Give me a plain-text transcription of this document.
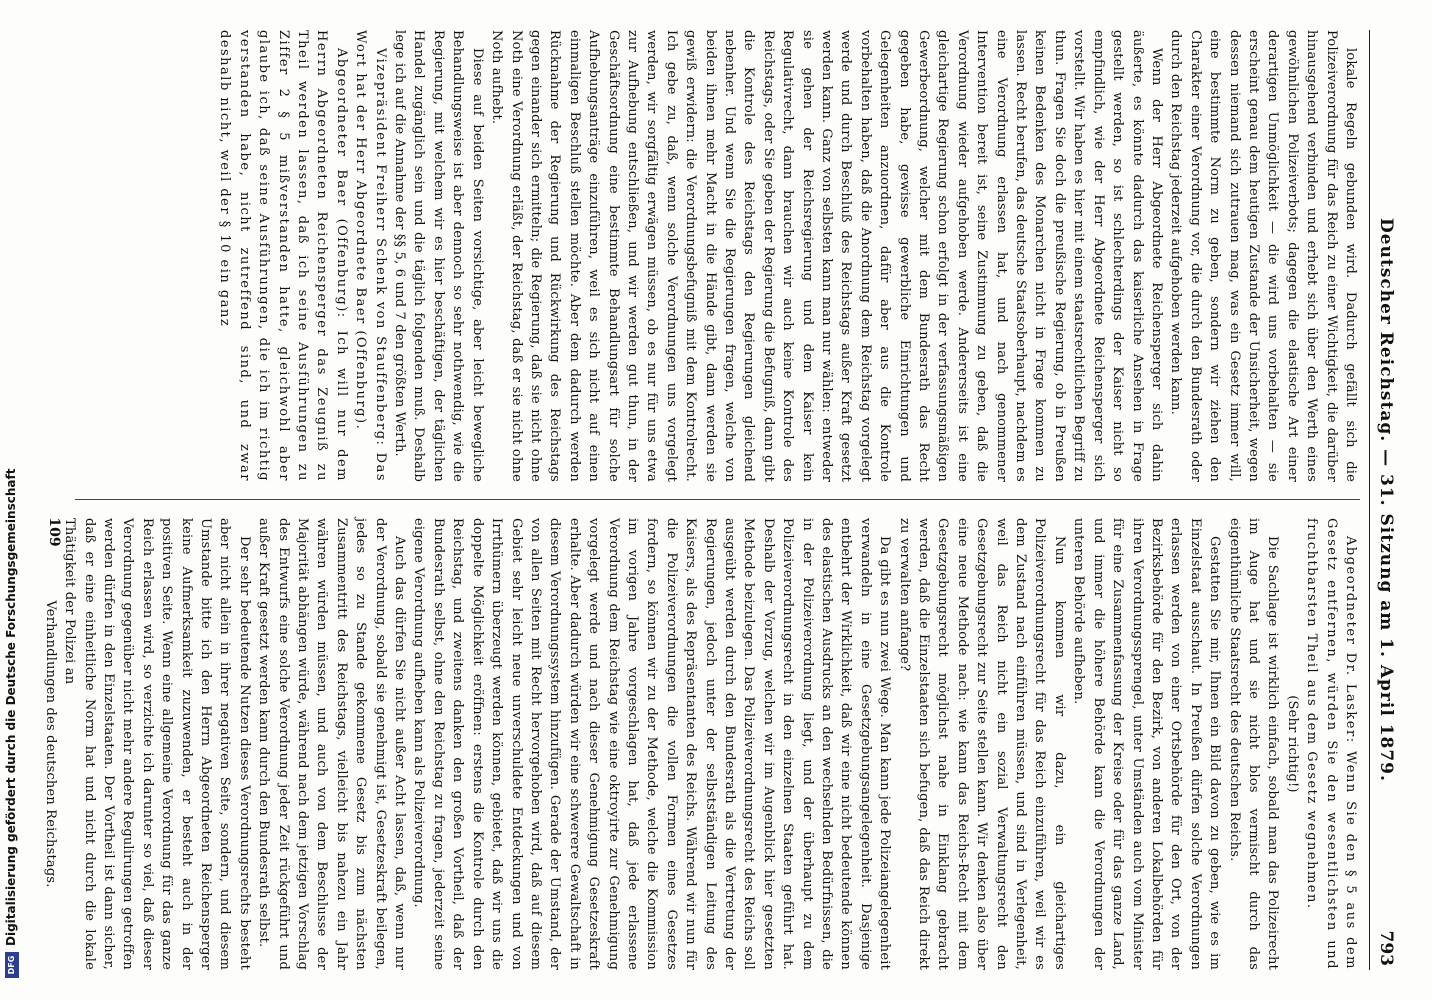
DFGDigitalisierung gefördert durch die Deutsche Forschungsgemeinschaft	Deutscher Reichstag. — 31. Sitzung am 1. April 1879.
793

lokale Regeln gebunden wird. Dadurch gefällt sich die Polizeiverordnung für das Reich zu einer Wichtigkeit, die darüber hinausgehend verbinden und erhebt sich über den Werth eines gewöhnlichen Polizeiverbots; dagegen die elastische Art einer derartigen Unmöglichkeit — die wird uns vorbehalten — sie erscheint genau dem heutigen Zustande der Unsicherheit, wegen dessen niemand sich zutrauen mag, was ein Gesetz immer will, eine bestimmte Norm zu geben, sondern wir ziehen den Charakter einer Verordnung vor, die durch den Bundesrath oder durch den Reichstag jederzeit aufgehoben werden kann.

Wenn der Herr Abgeordnete Reichensperger sich dahin äußerte, es könnte dadurch das kaiserliche Ansehen in Frage gestellt werden, so ist schlechterdings der Kaiser nicht so empfindlich, wie der Herr Abgeordnete Reichensperger sich vorstellt. Wir haben es hier mit einem staatsrechtlichen Begriff zu thun. Fragen Sie doch die preußische Regierung, ob in Preußen keinen Bedenken des Monarchen nicht in Frage kommen zu lassen. Recht berufen, das deutsche Staatsoberhaupt, nachdem es eine Verordnung erlassen hat, und nach genommener Intervention bereit ist, seine Zustimmung zu geben, daß die Verordnung wieder aufgehoben werde. Andererseits ist eine gleichartige Regierung schon erfolgt in der verfassungsmäßigen Gewerbeordnung, welcher mit dem Bundesrath das Recht gegeben habe, gewisse gewerbliche Einrichtungen und Gelegenheiten anzuordnen, dafür aber aus die Kontrole vorbehalten haben, daß die Anordnung dem Reichstag vorgelegt werde und durch Beschluß des Reichstags außer Kraft gesetzt werden kann. Ganz von selbsten kann man nur wählen: entweder sie gehen der Reichsregierung und dem Kaiser kein Regulativrecht, dann brauchen wir auch keine Kontrole des Reichstags, oder Sie geben der Regierung die Befugniß, dann gibt die Kontrole des Reichstags den Regierungen gleichend nebenher. Und wenn Sie die Regierungen fragen, welche von beiden ihnen mehr Macht in die Hände gibt, dann werden sie gewiß erwidern: die Verordnungsbefugniß mit dem Kontrolrecht. Ich gebe zu, daß, wenn solche Verordnungen uns vorgelegt werden, wir sorgfältig erwägen müssen, ob es nur für uns etwa zur Aufhebung entschließen, und wir werden gut thun, in der Geschäftsordnung eine bestimmte Behandlungsart für solche Aufhebungsanträge einzuführen, weil es sich nicht auf einen einmaligen Beschluß stellen möchte. Aber dem dadurch werden Rücknahme der Regierung und Rückwirkung des Reichstags gegen einander sich ermitteln; die Regierung, daß sie nicht ohne Noth eine Verordnung erläßt, der Reichstag, daß er sie nicht ohne Noth aufhebt.

Diese auf beiden Seiten vorsichtige, aber leicht bewegliche Behandlungsweise ist aber dennoch so sehr nothwendig, wie die Regierung, mit welchem wir es hier beschäftigen, der täglichen Handel zugänglich sein und die täglich folgenden muß. Deshalb lege ich auf die Annahme der §§ 5, 6 und 7 den größten Werth.

Vizepräsident Freiherr Schenk von Stauffenberg: Das Wort hat der Herr Abgeordnete Baer (Offenburg).

Abgeordneter Baer (Offenburg): Ich will nur dem Herrn Abgeordneten Reichensperger das Zeugniß zu Theil werden lassen, daß ich seine Ausführungen zu Ziffer 2 § 5 mißverstanden hatte, gleichwohl aber glaube ich, daß seine Ausführungen, die ich im richtig verstanden habe, nicht zutreffend sind, und zwar deshalb nicht, weil der § 10 ein ganz

Abgeordneter Dr. Lasker: Wenn Sie den § 5 aus dem Gesetz entfernen, würden Sie den wesentlichsten und fruchtbarsten Theil aus dem Gesetz wegnehmen.

(Sehr richtig!)

Die Sachlage ist wirklich einfach, sobald man das Polizeirecht im Auge hat und sie nicht blos vermischt durch das eigenthümliche Staatsrecht des deutschen Reichs.

Gestatten Sie mir, Ihnen ein Bild davon zu geben, wie es im Einzelstaat ausschaut. In Preußen dürfen solche Verordnungen erlassen werden von einer Ortsbehörde für den Ort, von der Bezirksbehörde für den Bezirk, von anderen Lokalbehörden für ihren Verordnungssprengel, unter Umständen auch vom Minister für eine Zusammenfassung der Kreise oder für das ganze Land, und immer die höhere Behörde kann die Verordnungen der unteren Behörde aufheben.

Nun kommen wir dazu, ein gleichartiges Polizeiverordnungsrecht für das Reich einzuführen, weil wir es dem Zustand nach einführen müssen, und sind in Verlegenheit, weil das Reich nicht ein sozial Verwaltungsrecht den Gesetzgebungsrecht zur Seite stellen kann. Wir denken also über eine neue Methode nach: wie kann das Reichs-Recht mit dem Gesetzgebungsrecht möglichst nahe in Einklang gebracht werden, daß die Einzelstaaten sich befugen, daß das Reich direkt zu verwalten anfange?

Da gibt es nun zwei Wege. Man kann jede Polizeiangelegenheit verwandeln in eine Gesetzgebungsangelegenheit. Dasjenige entbehrt der Wirklichkeit, daß wir eine nicht bedeutende können des elastischen Ausdrucks an den wechselnden Bedürfnissen, die in der Polizeiverordnung liegt, und der überhaupt zu dem Polizeiverordnungsrecht in den einzelnen Staaten geführt hat. Deshalb der Vorzug, welchen wir im Augenblick hier gesetzten Methode beizulegen. Das Polizeiverordnungsrecht des Reichs soll ausgeübt werden durch den Bundesrath als die Vertretung der Regierungen, jedoch unter der selbstständigen Leitung des Kaisers, als des Repräsentanten des Reichs. Während wir nun für die Polizeiverordnungen die vollen Formen eines Gesetzes fordern, so können wir zu der Methode, welche die Kommission im vorigen Jahre vorgeschlagen hat, daß jede erlassene Verordnung dem Reichstag wie eine oktroyirte zur Genehmigung vorgelegt werde und nach dieser Genehmigung Gesetzeskraft erhalte. Aber dadurch würden wir eine schwerere Gewaltschaft in diesem Verordnungssystem hinzufügen. Gerade der Umstand, der von allen Seiten mit Recht hervorgehoben wird, daß auf diesem Gebiet sehr leicht neue unverschuldete Entdeckungen und von Irrthümern überzeugt werden können, gebietet, daß wir uns die doppelte Möglichkeit eröffnen: erstens die Kontrole durch den Reichstag, und zweitens danken den großen Vortheil, daß der Bundesrath selbst, ohne den Reichstag zu fragen, jederzeit seine eigene Verordnung aufheben kann als Polizeiverordnung.

Auch das dürfen Sie nicht außer Acht lassen, daß, wenn nur der Verordnung, sobald sie genehmigt ist, Gesetzeskraft beilegen, jedes so zu Stande gekommene Gesetz bis zum nächsten Zusammentritt des Reichstags, vielleicht bis nahezu ein Jahr währen würden müssen, und auch von dem Beschlusse der Majorität abhängen würde, während nach dem jetzigen Vorschlag des Entwurfs eine solche Verordnung jeder Zeit rückgeführt und außer Kraft gesetzt werden kann durch den Bundesrath selbst.

Der sehr bedeutende Nutzen dieses Verordnungsrechts besteht aber nicht allein in ihrer negativen Seite, sondern, und diesem Umstande bitte ich den Herrn Abgeordneten Reichensperger keine Aufmerksamkeit zuzuwenden, er besteht auch in der positiven Seite. Wenn eine allgemeine Verordnung für das ganze Reich erlassen wird, so verzichte ich darunter so viel, daß dieser Verordnung gegenüber nicht mehr andere Regulirungen getroffen werden dürfen in den Einzelstaaten. Der Vortheil ist dann sicher, daß er eine einheitliche Norm hat und nicht durch die lokale Thätigkeit der Polizei an

Verhandlungen des deutschen Reichstags.

109
